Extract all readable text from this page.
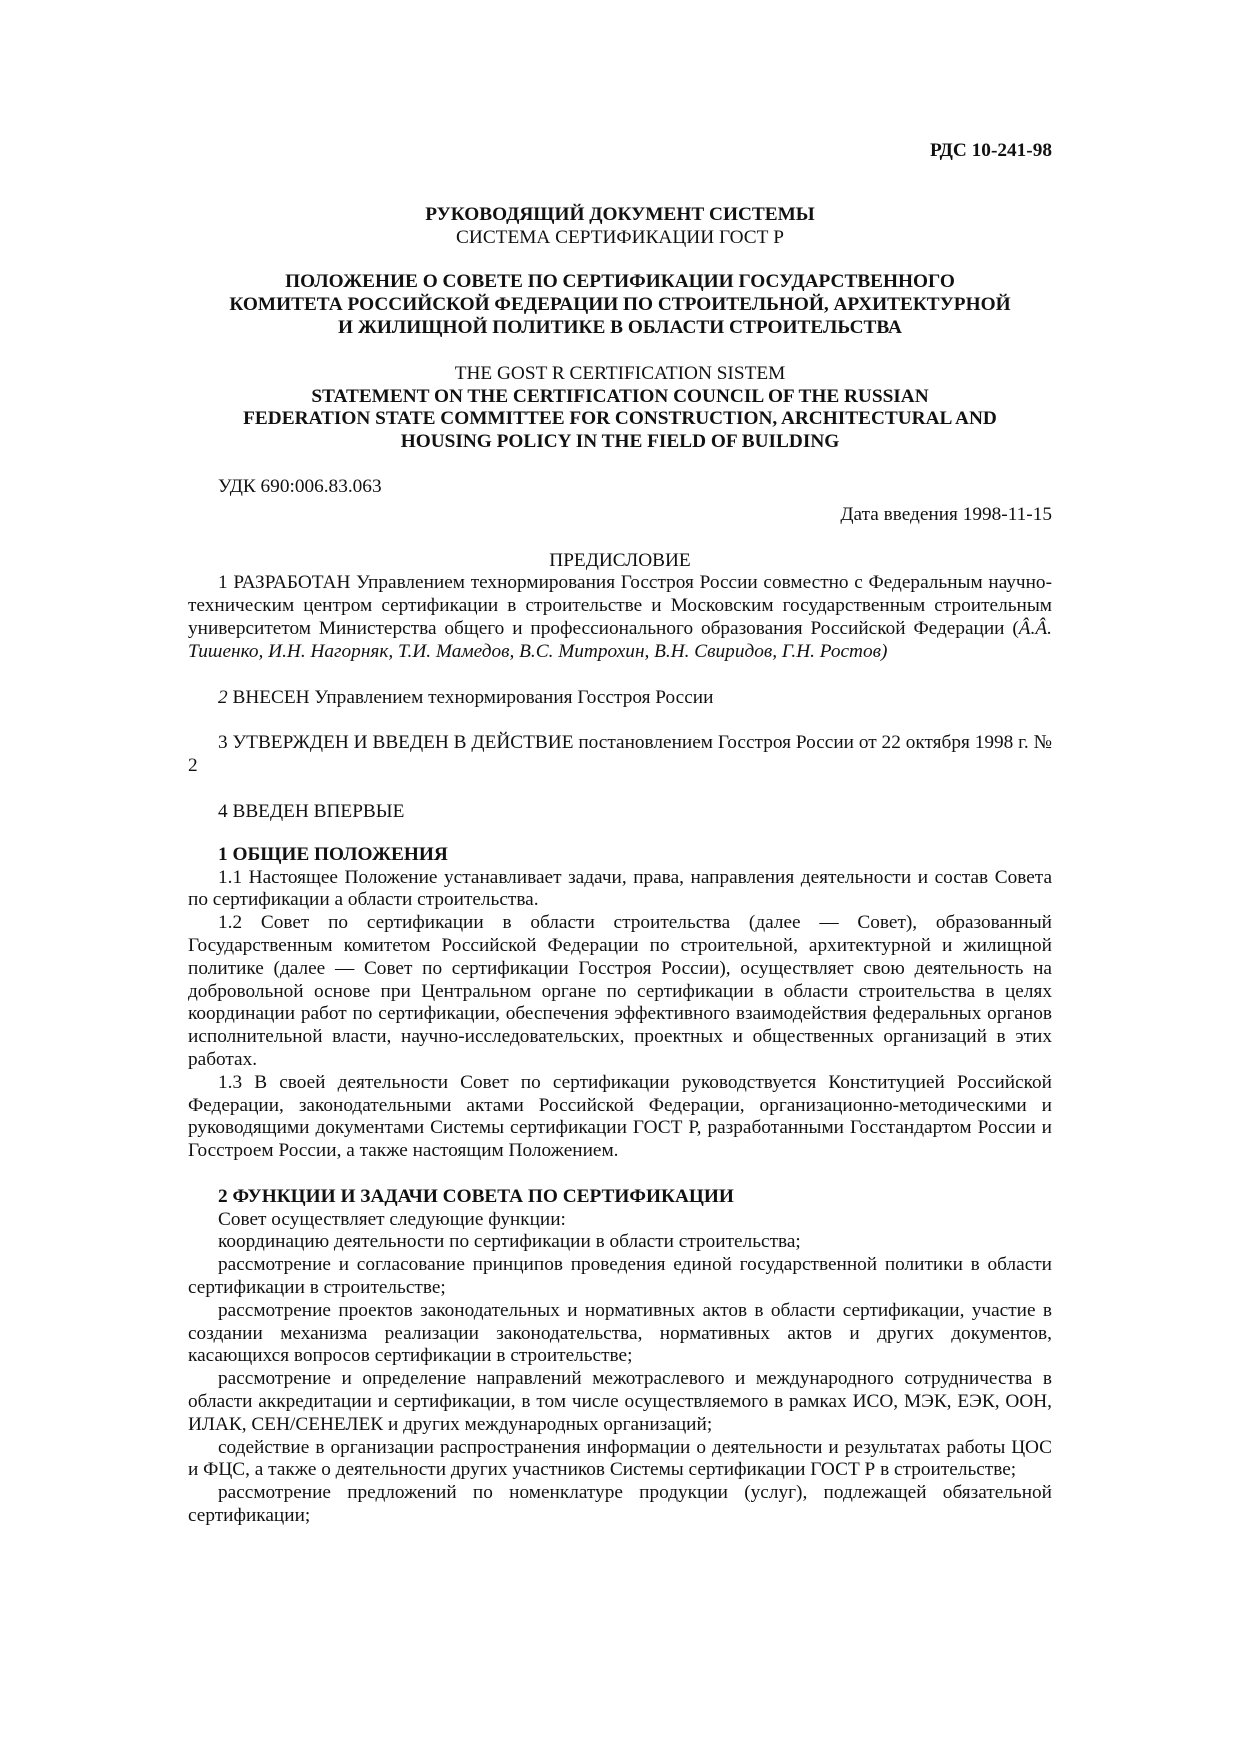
РДС 10-241-98

РУКОВОДЯЩИЙ ДОКУМЕНТ СИСТЕМЫ

СИСТЕМА СЕРТИФИКАЦИИ ГОСТ Р

ПОЛОЖЕНИЕ О СОВЕТЕ ПО СЕРТИФИКАЦИИ ГОСУДАРСТВЕННОГО

КОМИТЕТА РОССИЙСКОЙ ФЕДЕРАЦИИ ПО СТРОИТЕЛЬНОЙ, АРХИТЕКТУРНОЙ

И ЖИЛИЩНОЙ ПОЛИТИКЕ В ОБЛАСТИ СТРОИТЕЛЬСТВА

THE GOST R CERTIFICATION SISTEM

STATEMENT ON THE CERTIFICATION COUNCIL OF THE RUSSIAN

FEDERATION STATE COMMITTEE FOR CONSTRUCTION, ARCHITECTURAL AND

HOUSING POLICY IN THE FIELD OF BUILDING

УДК 690:006.83.063

Дата введения 1998-11-15

ПРЕДИСЛОВИЕ

1 РАЗРАБОТАН Управлением технормирования Госстроя России совместно с Федеральным научно-техническим центром сертификации в строительстве и Московским государственным строительным университетом Министерства общего и профессионального образования Российской Федерации (Â.Â. Тишенко, И.Н. Нагорняк, Т.И. Мамедов, В.С. Митрохин, В.Н. Свиридов, Г.Н. Ростов)

2 ВНЕСЕН Управлением технормирования Госстроя России

3 УТВЕРЖДЕН И ВВЕДЕН В ДЕЙСТВИЕ постановлением Госстроя России от 22 октября 1998 г. № 2

4 ВВЕДЕН ВПЕРВЫЕ

1 ОБЩИЕ ПОЛОЖЕНИЯ

1.1 Настоящее Положение устанавливает задачи, права, направления деятельности и состав Совета по сертификации а области строительства.

1.2 Совет по сертификации в области строительства (далее — Совет), образованный Государственным комитетом Российской Федерации по строительной, архитектурной и жилищной политике (далее — Совет по сертификации Госстроя России), осуществляет свою деятельность на добровольной основе при Центральном органе по сертификации в области строительства в целях координации работ по сертификации, обеспечения эффективного взаимодействия федеральных органов исполнительной власти, научно-исследовательских, проектных и общественных организаций в этих работах.

1.3 В своей деятельности Совет по сертификации руководствуется Конституцией Российской Федерации, законодательными актами Российской Федерации, организационно-методическими и руководящими документами Системы сертификации ГОСТ Р, разработанными Госстандартом России и Госстроем России, а также настоящим Положением.

2 ФУНКЦИИ И ЗАДАЧИ СОВЕТА ПО СЕРТИФИКАЦИИ

Совет осуществляет следующие функции:

координацию деятельности по сертификации в области строительства;

рассмотрение и согласование принципов проведения единой государственной политики в области сертификации в строительстве;

рассмотрение проектов законодательных и нормативных актов в области сертификации, участие в создании механизма реализации законодательства, нормативных актов и других документов, касающихся вопросов сертификации в строительстве;

рассмотрение и определение направлений межотраслевого и международного сотрудничества в области аккредитации и сертификации, в том числе осуществляемого в рамках ИСО, МЭК, ЕЭК, ООН, ИЛАК, СЕН/СЕНЕЛЕК и других международных организаций;

содействие в организации распространения информации о деятельности и результатах работы ЦОС и ФЦС, а также о деятельности других участников Системы сертификации ГОСТ Р в строительстве;

рассмотрение предложений по номенклатуре продукции (услуг), подлежащей обязательной сертификации;
